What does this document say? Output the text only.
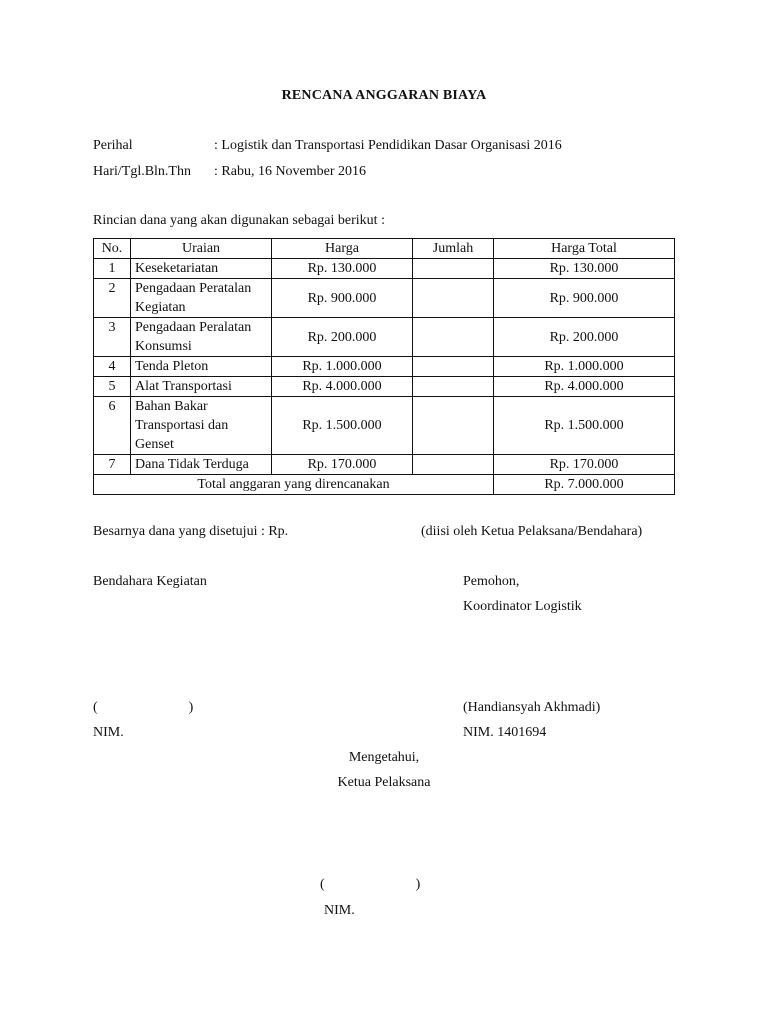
RENCANA ANGGARAN BIAYA
Perihal	: Logistik dan Transportasi Pendidikan Dasar Organisasi 2016
Hari/Tgl.Bln.Thn : Rabu, 16 November 2016
Rincian dana yang akan digunakan sebagai berikut :
No.	Uraian	Harga	Jumlah	Harga Total
1	Keseketariatan	Rp. 130.000		Rp. 130.000
2	Pengadaan Peratalan Kegiatan	Rp. 900.000		Rp. 900.000
3	Pengadaan Peralatan Konsumsi	Rp. 200.000		Rp. 200.000
4	Tenda Pleton	Rp. 1.000.000		Rp. 1.000.000
5	Alat Transportasi	Rp. 4.000.000		Rp. 4.000.000
6	Bahan Bakar Transportasi dan Genset	Rp. 1.500.000		Rp. 1.500.000
7	Dana Tidak Terduga	Rp. 170.000		Rp. 170.000
Total anggaran yang direncanakan				Rp. 7.000.000
Besarnya dana yang disetujui : Rp.	(diisi oleh Ketua Pelaksana/Bendahara)
Bendahara Kegiatan	Pemohon,
Koordinator Logistik
(                          )	(Handiansyah Akhmadi)
NIM.	NIM. 1401694
Mengetahui,
Ketua Pelaksana
(                          )
NIM.
